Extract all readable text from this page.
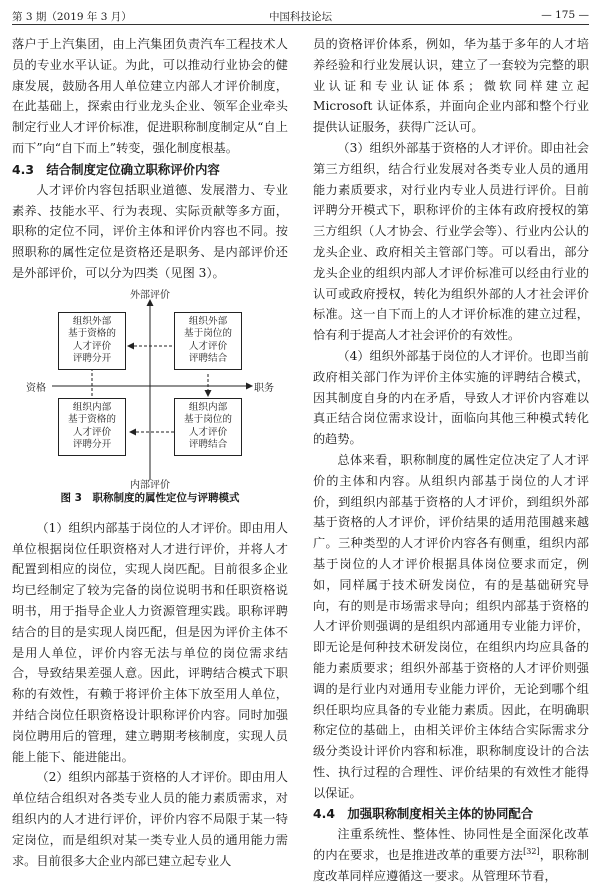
第 3 期（2019 年 3 月）	中国科技论坛	— 175 —

落户于上汽集团，由上汽集团负责汽车工程技术人员的专业水平认证。为此，可以推动行业协会的健康发展，鼓励各用人单位建立内部人才评价制度，在此基础上，探索由行业龙头企业、领军企业牵头制定行业人才评价标准，促进职称制度制定从“自上而下”向“自下而上”转变，强化制度根基。

4.3　结合制度定位确立职称评价内容

人才评价内容包括职业道德、发展潜力、专业素养、技能水平、行为表现、实际贡献等多方面，职称的定位不同，评价主体和评价内容也不同。按照职称的属性定位是资格还是职务、是内部评价还是外部评价，可以分为四类（见图 3）。

外部评价
内部评价
资格	职务
组织外部
基于资格的
人才评价
评聘分开
组织外部
基于岗位的
人才评价
评聘结合
组织内部
基于资格的
人才评价
评聘分开
组织内部
基于岗位的
人才评价
评聘结合
图 3　职称制度的属性定位与评聘模式

（1）组织内部基于岗位的人才评价。即由用人单位根据岗位任职资格对人才进行评价，并将人才配置到相应的岗位，实现人岗匹配。目前很多企业均已经制定了较为完备的岗位说明书和任职资格说明书，用于指导企业人力资源管理实践。职称评聘结合的目的是实现人岗匹配，但是因为评价主体不是用人单位，评价内容无法与单位的岗位需求结合，导致结果差强人意。因此，评聘结合模式下职称的有效性，有赖于将评价主体下放至用人单位，并结合岗位任职资格设计职称评价内容。同时加强岗位聘用后的管理，建立聘期考核制度，实现人员能上能下、能进能出。

（2）组织内部基于资格的人才评价。即由用人单位结合组织对各类专业人员的能力素质需求，对组织内的人才进行评价，评价内容不局限于某一特定岗位，而是组织对某一类专业人员的通用能力需求。目前很多大企业内部已建立起专业人

员的资格评价体系，例如，华为基于多年的人才培养经验和行业发展认识，建立了一套较为完整的职业认证和专业认证体系；微软同样建立起 Microsoft 认证体系，并面向企业内部和整个行业提供认证服务，获得广泛认可。

（3）组织外部基于资格的人才评价。即由社会第三方组织，结合行业发展对各类专业人员的通用能力素质要求，对行业内专业人员进行评价。目前评聘分开模式下，职称评价的主体有政府授权的第三方组织（人才协会、行业学会等）、行业内公认的龙头企业、政府相关主管部门等。可以看出，部分龙头企业的组织内部人才评价标准可以经由行业的认可或政府授权，转化为组织外部的人才社会评价标准。这一自下而上的人才评价标准的建立过程，恰有利于提高人才社会评价的有效性。

（4）组织外部基于岗位的人才评价。也即当前政府相关部门作为评价主体实施的评聘结合模式，因其制度自身的内在矛盾，导致人才评价内容难以真正结合岗位需求设计，面临向其他三种模式转化的趋势。

总体来看，职称制度的属性定位决定了人才评价的主体和内容。从组织内部基于岗位的人才评价，到组织内部基于资格的人才评价，到组织外部基于资格的人才评价，评价结果的适用范围越来越广。三种类型的人才评价内容各有侧重，组织内部基于岗位的人才评价根据具体岗位要求而定，例如，同样属于技术研发岗位，有的是基础研究导向，有的则是市场需求导向；组织内部基于资格的人才评价则强调的是组织内部通用专业能力评价，即无论是何种技术研发岗位，在组织内均应具备的能力素质要求；组织外部基于资格的人才评价则强调的是行业内对通用专业能力评价，无论到哪个组织任职均应具备的专业能力素质。因此，在明确职称定位的基础上，由相关评价主体结合实际需求分级分类设计评价内容和标准，职称制度设计的合法性、执行过程的合理性、评价结果的有效性才能得以保证。

4.4　加强职称制度相关主体的协同配合

注重系统性、整体性、协同性是全面深化改革的内在要求，也是推进改革的重要方法[32]，职称制度改革同样应遵循这一要求。从管理环节看，
